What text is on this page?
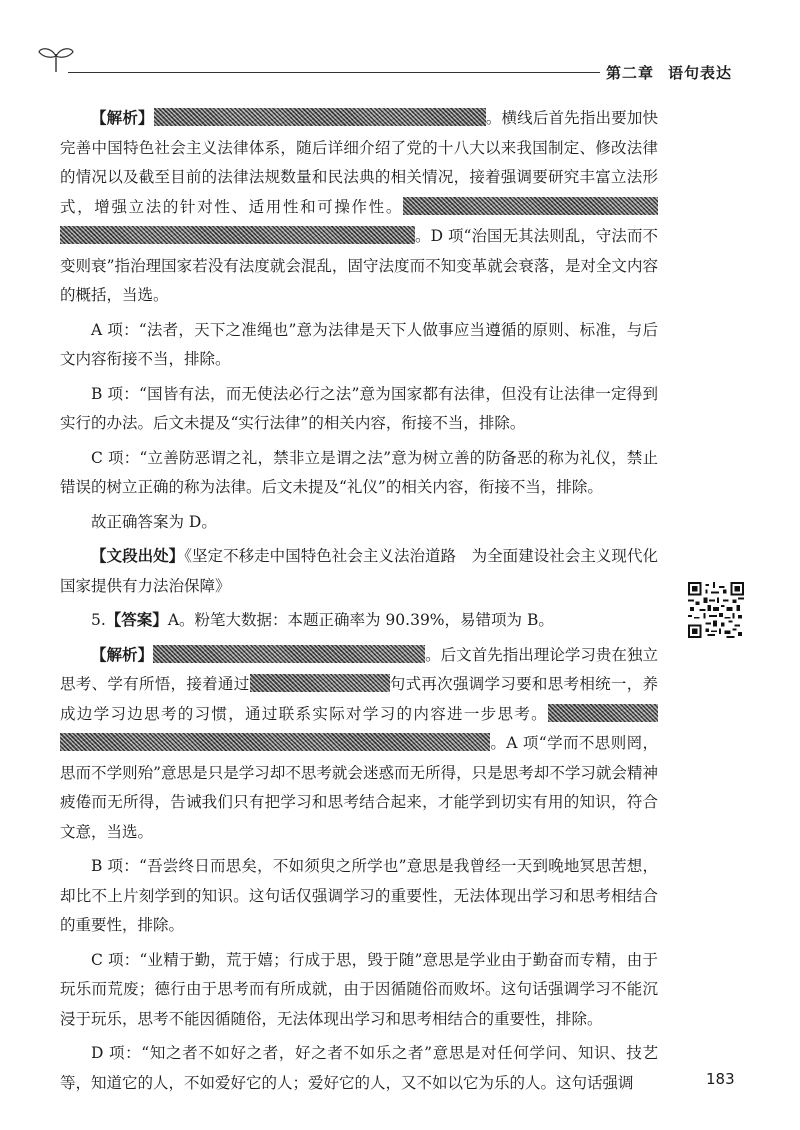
第二章 语句表达

【解析】	。横线后首先指出要加快完善中国特色社会主义法律体系，随后详细介绍了党的十八大以来我国制定、修改法律的情况以及截至目前的法律法规数量和民法典的相关情况，接着强调要研究丰富立法形式，增强立法的针对性、适用性和可操作性。。D 项“治国无其法则乱，守法而不变则衰”指治理国家若没有法度就会混乱，固守法度而不知变革就会衰落，是对全文内容的概括，当选。

A 项：“法者，天下之准绳也”意为法律是天下人做事应当遵循的原则、标准，与后文内容衔接不当，排除。

B 项：“国皆有法，而无使法必行之法”意为国家都有法律，但没有让法律一定得到实行的办法。后文未提及“实行法律”的相关内容，衔接不当，排除。

C 项：“立善防恶谓之礼，禁非立是谓之法”意为树立善的防备恶的称为礼仪，禁止错误的树立正确的称为法律。后文未提及“礼仪”的相关内容，衔接不当，排除。

故正确答案为 D。

【文段出处】《坚定不移走中国特色社会主义法治道路　为全面建设社会主义现代化国家提供有力法治保障》

5.【答案】A。粉笔大数据：本题正确率为 90.39%，易错项为 B。

【解析】	。后文首先指出理论学习贵在独立思考、学有所悟，接着通过	句式再次强调学习要和思考相统一，养成边学习边思考的习惯，通过联系实际对学习的内容进一步思考。。A 项“学而不思则罔，思而不学则殆”意思是只是学习却不思考就会迷惑而无所得，只是思考却不学习就会精神疲倦而无所得，告诫我们只有把学习和思考结合起来，才能学到切实有用的知识，符合文意，当选。

B 项：“吾尝终日而思矣，不如须臾之所学也”意思是我曾经一天到晚地冥思苦想，却比不上片刻学到的知识。这句话仅强调学习的重要性，无法体现出学习和思考相结合的重要性，排除。

C 项：“业精于勤，荒于嬉；行成于思，毁于随”意思是学业由于勤奋而专精，由于玩乐而荒废；德行由于思考而有所成就，由于因循随俗而败坏。这句话强调学习不能沉浸于玩乐，思考不能因循随俗，无法体现出学习和思考相结合的重要性，排除。

D 项：“知之者不如好之者，好之者不如乐之者”意思是对任何学问、知识、技艺等，知道它的人，不如爱好它的人；爱好它的人，又不如以它为乐的人。这句话强调	183
